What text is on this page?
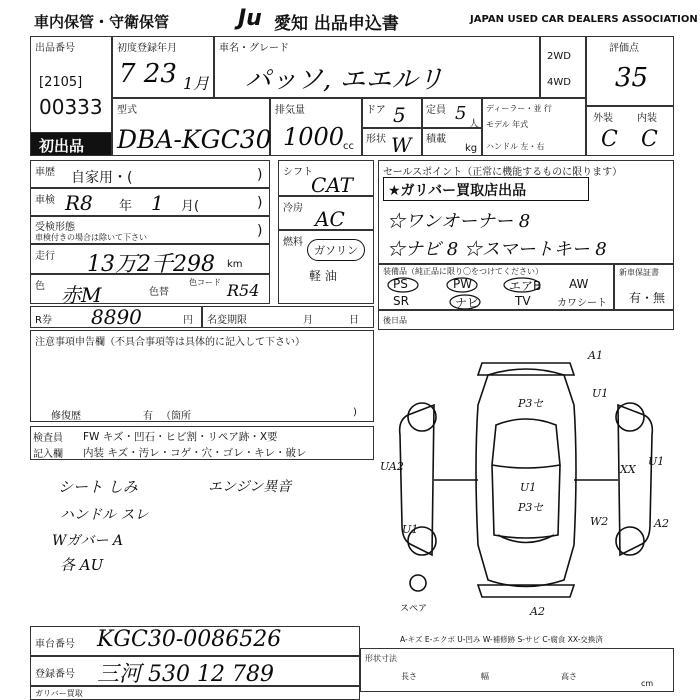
車内保管・守衛保管	Ju 愛知 出品申込書	JAPAN USED CAR DEALERS ASSOCIATION
出品番号
[2105]
00333
初出品
初度登録年月
7 23 1月
車名・グレード
パッソ, エエルリ
2WD
4WD
評価点
35
型式
DBA-KGC30
排気量
1000
cc
ドア 5 定員 5
人
形状 W 積載
kg
ディーラー・並 行
モデル 年式
ハンドル 左・右
外装 内装
C C
車歴 自家用・(	)
車検 R8 年 1 月(	)
受検形態
車検付きの場合は除いて下さい	)
走行 13万2千298 km
色 赤M	色替
色コード R54
シフト
CAT
冷房 AC
燃料
ガソリン
軽 油
R券 8890	円 名変期限	月	日
セールスポイント（正常に機能するものに限ります）
★ガリバー買取店出品
☆ワンオーナー 8
☆ナビ 8 ☆スマートキー 8
装備品（純正品に限り〇をつけてください）
PS	PW	エアB AW
SR	ナビ	TV	カワシート
新車保証書
有・無
後日品
注意事項申告欄（不具合事項等は具体的に記入して下さい）
修復歴	有 （箇所	)
検査員
記入欄
FW キズ・凹石・ヒビ割・リペア跡・X要
内装 キズ・汚レ・コゲ・穴・ゴレ・キレ・破レ
シート しみ
ハンドル スレ
Wガバー A
各 AU
エンジン異音
A1
P3セ
UA2	XX
U1
U1
P3セ
W2	A2
U1
A2
U1
スペア
A-キズ E-エクボ U-凹み W-補修跡 S-サビ C-腐食 XX-交換済
車台番号 KGC30-0086526
登録番号 三河 530 12 789
ガリバー買取
形状寸法
長さ	幅	高さ
cm
